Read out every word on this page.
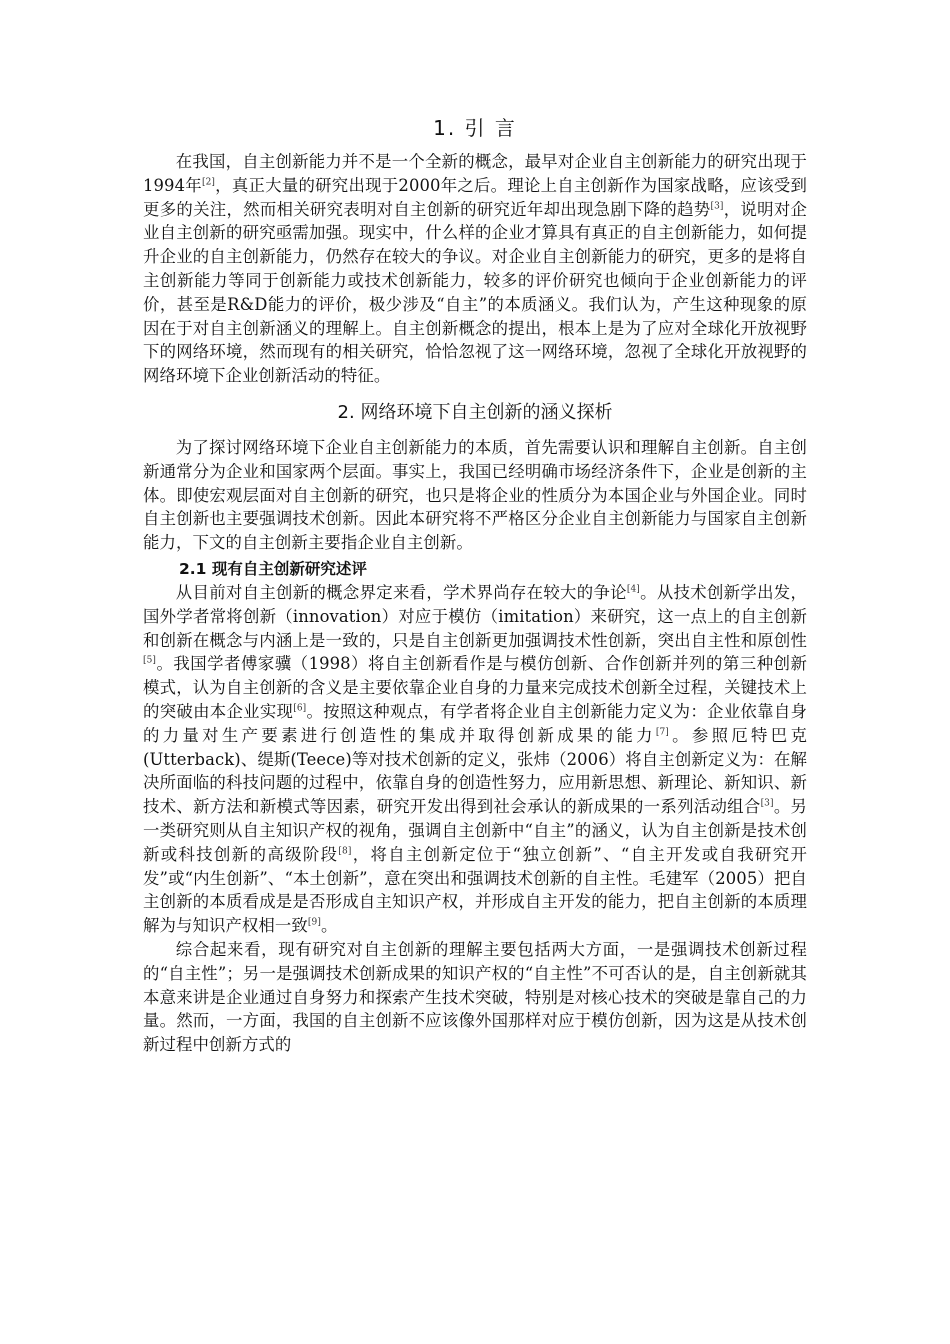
1. 引 言

在我国，自主创新能力并不是一个全新的概念，最早对企业自主创新能力的研究出现于1994年[2]，真正大量的研究出现于2000年之后。理论上自主创新作为国家战略，应该受到更多的关注，然而相关研究表明对自主创新的研究近年却出现急剧下降的趋势[3]，说明对企业自主创新的研究亟需加强。现实中，什么样的企业才算具有真正的自主创新能力，如何提升企业的自主创新能力，仍然存在较大的争议。对企业自主创新能力的研究，更多的是将自主创新能力等同于创新能力或技术创新能力，较多的评价研究也倾向于企业创新能力的评价，甚至是R&D能力的评价，极少涉及“自主”的本质涵义。我们认为，产生这种现象的原因在于对自主创新涵义的理解上。自主创新概念的提出，根本上是为了应对全球化开放视野下的网络环境，然而现有的相关研究，恰恰忽视了这一网络环境，忽视了全球化开放视野的网络环境下企业创新活动的特征。

2. 网络环境下自主创新的涵义探析

为了探讨网络环境下企业自主创新能力的本质，首先需要认识和理解自主创新。自主创新通常分为企业和国家两个层面。事实上，我国已经明确市场经济条件下，企业是创新的主体。即使宏观层面对自主创新的研究，也只是将企业的性质分为本国企业与外国企业。同时自主创新也主要强调技术创新。因此本研究将不严格区分企业自主创新能力与国家自主创新能力，下文的自主创新主要指企业自主创新。

2.1 现有自主创新研究述评

从目前对自主创新的概念界定来看，学术界尚存在较大的争论[4]。从技术创新学出发，国外学者常将创新（innovation）对应于模仿（imitation）来研究，这一点上的自主创新和创新在概念与内涵上是一致的，只是自主创新更加强调技术性创新，突出自主性和原创性[5]。我国学者傅家骥（1998）将自主创新看作是与模仿创新、合作创新并列的第三种创新模式，认为自主创新的含义是主要依靠企业自身的力量来完成技术创新全过程，关键技术上的突破由本企业实现[6]。按照这种观点，有学者将企业自主创新能力定义为：企业依靠自身的力量对生产要素进行创造性的集成并取得创新成果的能力[7]。参照厄特巴克(Utterback)、缇斯(Teece)等对技术创新的定义，张炜（2006）将自主创新定义为：在解决所面临的科技问题的过程中，依靠自身的创造性努力，应用新思想、新理论、新知识、新技术、新方法和新模式等因素，研究开发出得到社会承认的新成果的一系列活动组合[3]。另一类研究则从自主知识产权的视角，强调自主创新中“自主”的涵义，认为自主创新是技术创新或科技创新的高级阶段[8]，将自主创新定位于“独立创新”、“自主开发或自我研究开发”或“内生创新”、“本土创新”，意在突出和强调技术创新的自主性。毛建军（2005）把自主创新的本质看成是是否形成自主知识产权，并形成自主开发的能力，把自主创新的本质理解为与知识产权相一致[9]。

综合起来看，现有研究对自主创新的理解主要包括两大方面，一是强调技术创新过程的“自主性”；另一是强调技术创新成果的知识产权的“自主性”不可否认的是，自主创新就其本意来讲是企业通过自身努力和探索产生技术突破，特别是对核心技术的突破是靠自己的力量。然而，一方面，我国的自主创新不应该像外国那样对应于模仿创新，因为这是从技术创新过程中创新方式的
